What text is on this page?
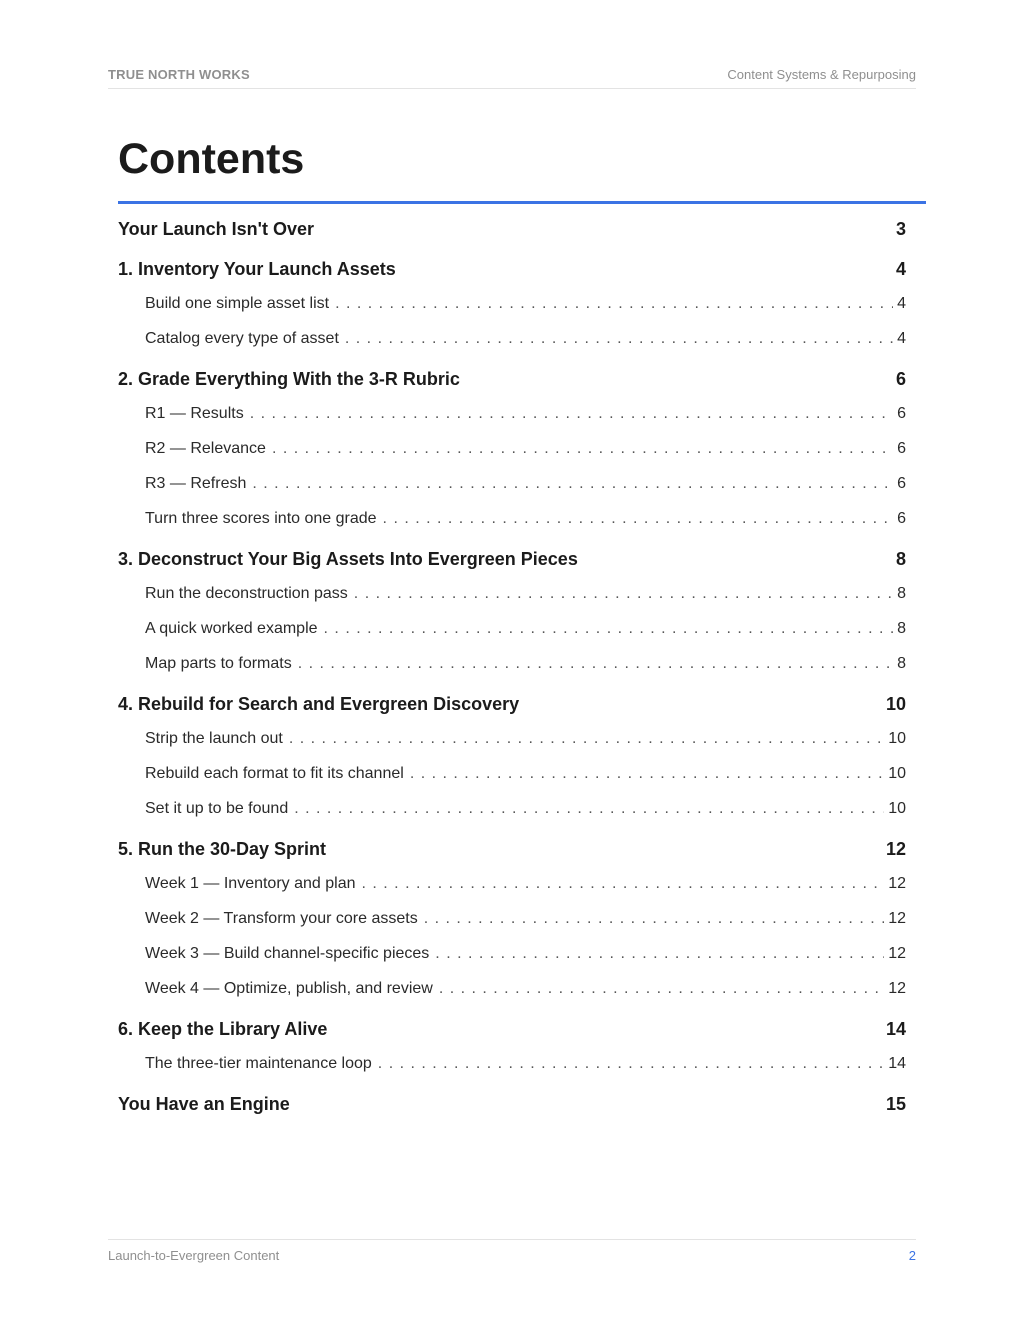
TRUE NORTH WORKS	Content Systems & Repurposing
Contents
Your Launch Isn't Over	3
1. Inventory Your Launch Assets	4
Build one simple asset list . . .	4
Catalog every type of asset . . .	4
2. Grade Everything With the 3-R Rubric	6
R1 — Results . . .	6
R2 — Relevance . . .	6
R3 — Refresh . . .	6
Turn three scores into one grade . . .	6
3. Deconstruct Your Big Assets Into Evergreen Pieces	8
Run the deconstruction pass . . .	8
A quick worked example . . .	8
Map parts to formats . . .	8
4. Rebuild for Search and Evergreen Discovery	10
Strip the launch out . . .	10
Rebuild each format to fit its channel . . .	10
Set it up to be found . . .	10
5. Run the 30-Day Sprint	12
Week 1 — Inventory and plan . . .	12
Week 2 — Transform your core assets . . .	12
Week 3 — Build channel-specific pieces . . .	12
Week 4 — Optimize, publish, and review . . .	12
6. Keep the Library Alive	14
The three-tier maintenance loop . . .	14
You Have an Engine	15
Launch-to-Evergreen Content	2
